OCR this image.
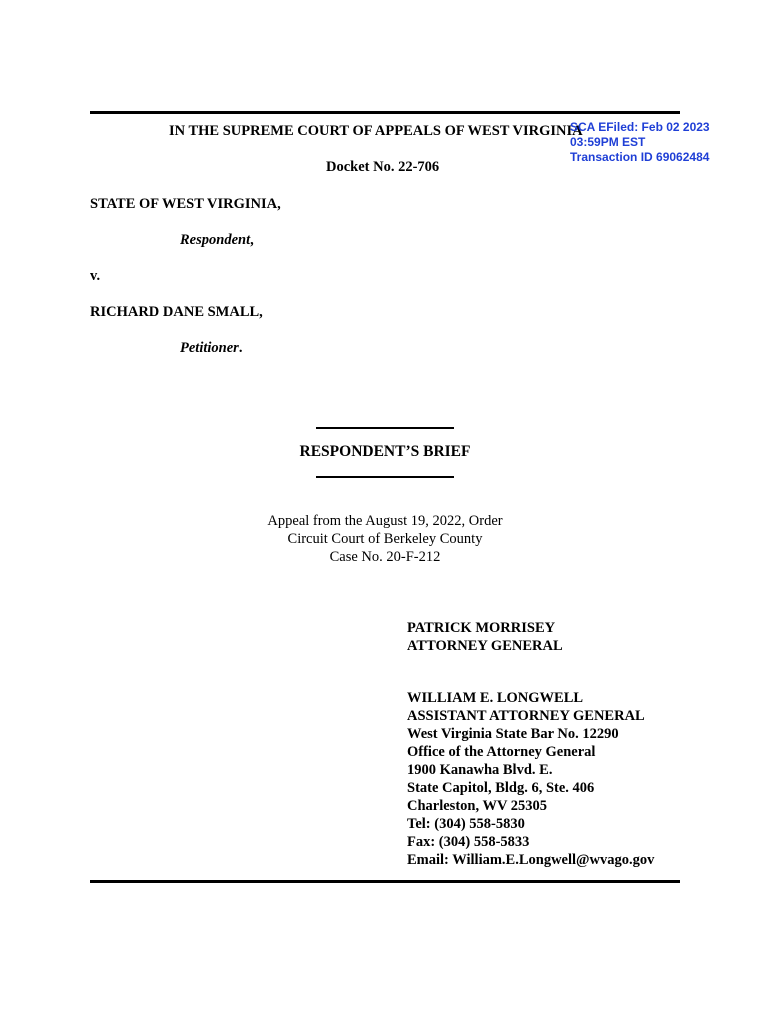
IN THE SUPREME COURT OF APPEALS OF WEST VIRGINIA
SCA EFiled: Feb 02 2023
03:59PM EST
Transaction ID 69062484
Docket No. 22-706
STATE OF WEST VIRGINIA,
Respondent,
v.
RICHARD DANE SMALL,
Petitioner.
RESPONDENT’S BRIEF
Appeal from the August 19, 2022, Order
Circuit Court of Berkeley County
Case No. 20-F-212
PATRICK MORRISEY
ATTORNEY GENERAL
WILLIAM E. LONGWELL
ASSISTANT ATTORNEY GENERAL
West Virginia State Bar No. 12290
Office of the Attorney General
1900 Kanawha Blvd. E.
State Capitol, Bldg. 6, Ste. 406
Charleston, WV 25305
Tel: (304) 558-5830
Fax: (304) 558-5833
Email: William.E.Longwell@wvago.gov
